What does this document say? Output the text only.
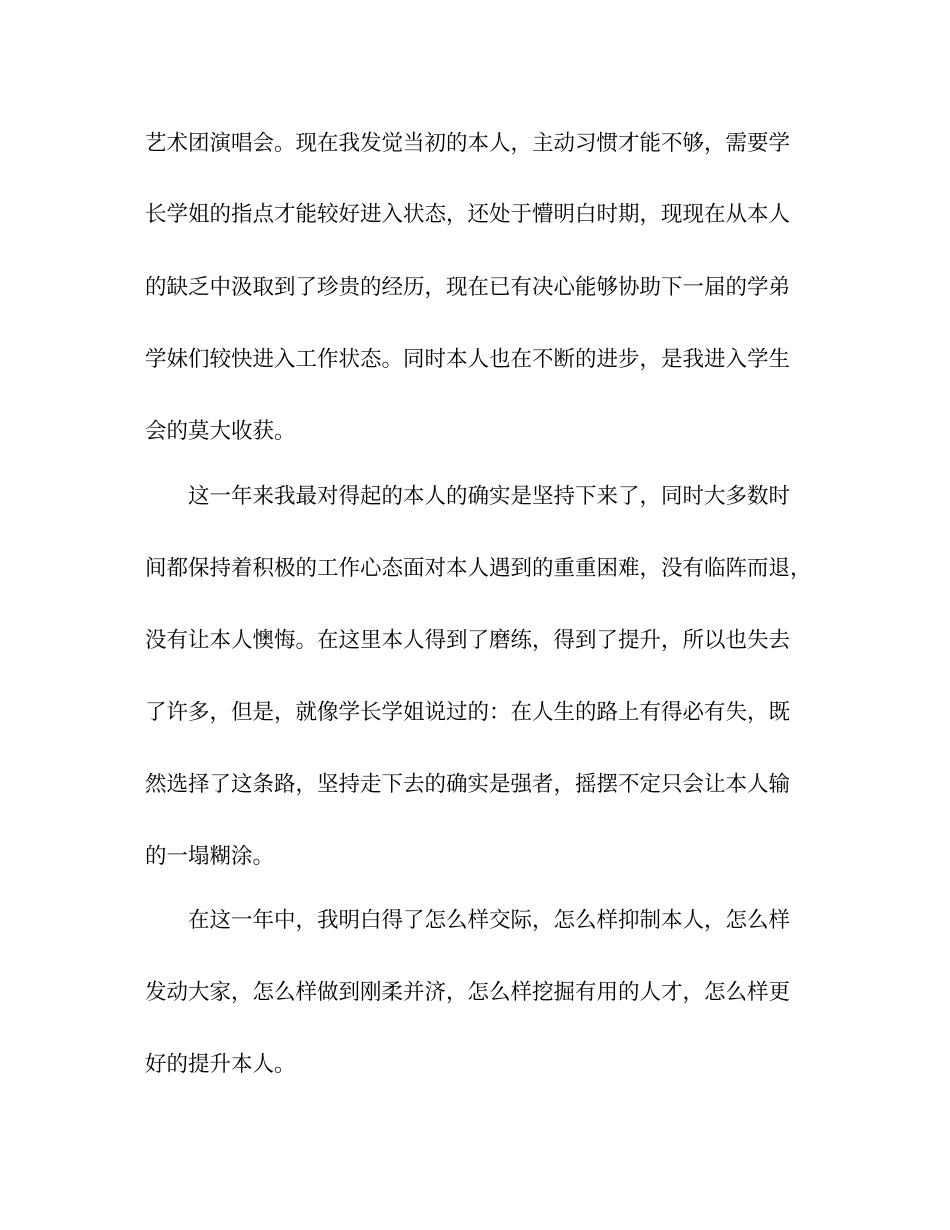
艺术团演唱会。现在我发觉当初的本人，主动习惯才能不够，需要学
长学姐的指点才能较好进入状态，还处于懵明白时期，现现在从本人
的缺乏中汲取到了珍贵的经历，现在已有决心能够协助下一届的学弟
学妹们较快进入工作状态。同时本人也在不断的进步，是我进入学生
会的莫大收获。
这一年来我最对得起的本人的确实是坚持下来了，同时大多数时
间都保持着积极的工作心态面对本人遇到的重重困难，没有临阵而退，
没有让本人懊悔。在这里本人得到了磨练，得到了提升，所以也失去
了许多，但是，就像学长学姐说过的：在人生的路上有得必有失，既
然选择了这条路，坚持走下去的确实是强者，摇摆不定只会让本人输
的一塌糊涂。
在这一年中，我明白得了怎么样交际，怎么样抑制本人，怎么样
发动大家，怎么样做到刚柔并济，怎么样挖掘有用的人才，怎么样更
好的提升本人。
